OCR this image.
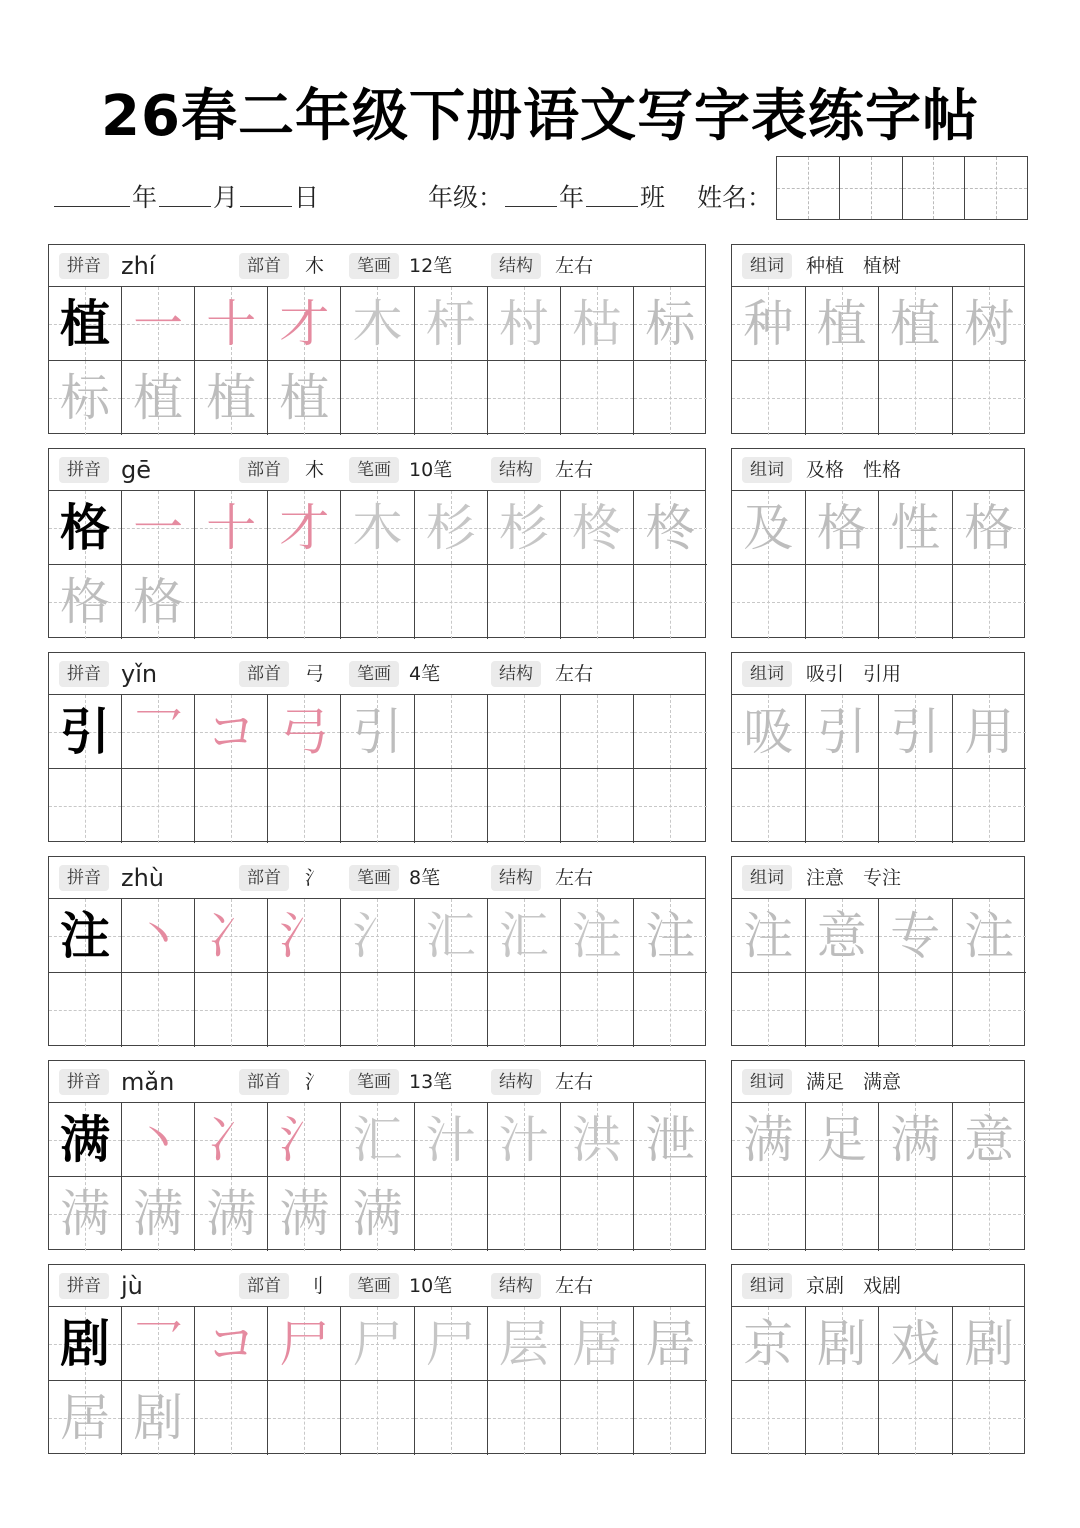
26春二年级下册语文写字表练字帖
年 月 日	年级： 年 班 姓名：
拼音 zhí	部首	木	笔画 12笔	结构	左右
植 一 十 才 木 杆 村 枯 标
标 植 植 植
组词	种植　植树
种 植 植 树
拼音 gē	部首	木	笔画 10笔	结构	左右
格 一 十 才 木 杉 杉 柊 柊
格 格
组词	及格　性格
及 格 性 格
拼音 yǐn	部首	弓	笔画 4笔	结构	左右
引 乛 コ 弓 引
组词	吸引　引用
吸 引 引 用
拼音 zhù	部首	氵	笔画 8笔	结构	左右
注 丶 冫 氵 氵 汇 汇 注 注
组词	注意　专注
注 意 专 注
拼音 mǎn	部首	氵	笔画 13笔	结构	左右
满 丶 冫 氵 汇 汁 汁 洪 泄
满 满 满 满 满
组词	满足　满意
满 足 满 意
拼音 jù	部首	刂	笔画 10笔	结构	左右
剧 乛 コ 尸 尸 尸 层 居 居
居 剧
组词	京剧　戏剧
京 剧 戏 剧
